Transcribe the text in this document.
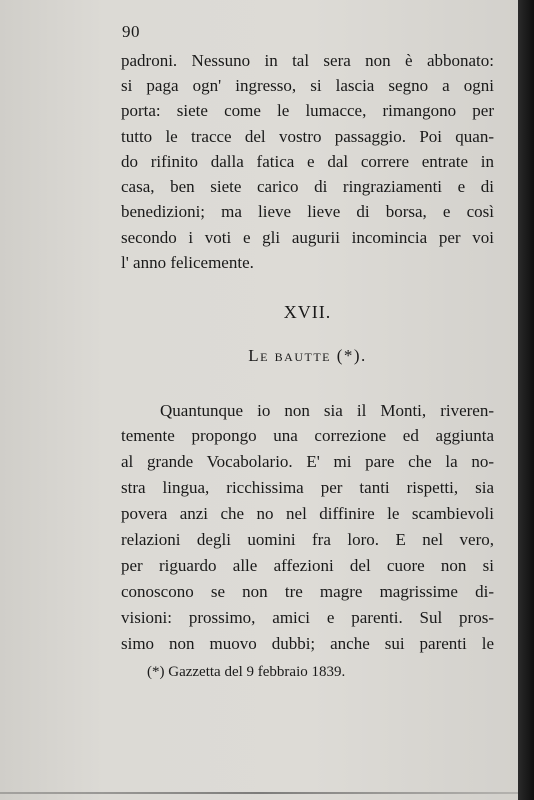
90
padroni. Nessuno in tal sera non è abbonato:
si paga ogn' ingresso, si lascia segno a ogni
porta: siete come le lumacce, rimangono per
tutto le tracce del vostro passaggio. Poi quan-
do rifinito dalla fatica e dal correre entrate in
casa, ben siete carico di ringraziamenti e di
benedizioni; ma lieve lieve di borsa, e così
secondo i voti e gli augurii incomincia per voi
l' anno felicemente.
XVII.
Le bautte (*).
Quantunque io non sia il Monti, riveren-
temente propongo una correzione ed aggiunta
al grande Vocabolario. E' mi pare che la no-
stra lingua, ricchissima per tanti rispetti, sia
povera anzi che no nel diffinire le scambievoli
relazioni degli uomini fra loro. E nel vero,
per riguardo alle affezioni del cuore non si
conoscono se non tre magre magrissime di-
visioni: prossimo, amici e parenti. Sul pros-
simo non muovo dubbi; anche sui parenti le
(*) Gazzetta del 9 febbraio 1839.
